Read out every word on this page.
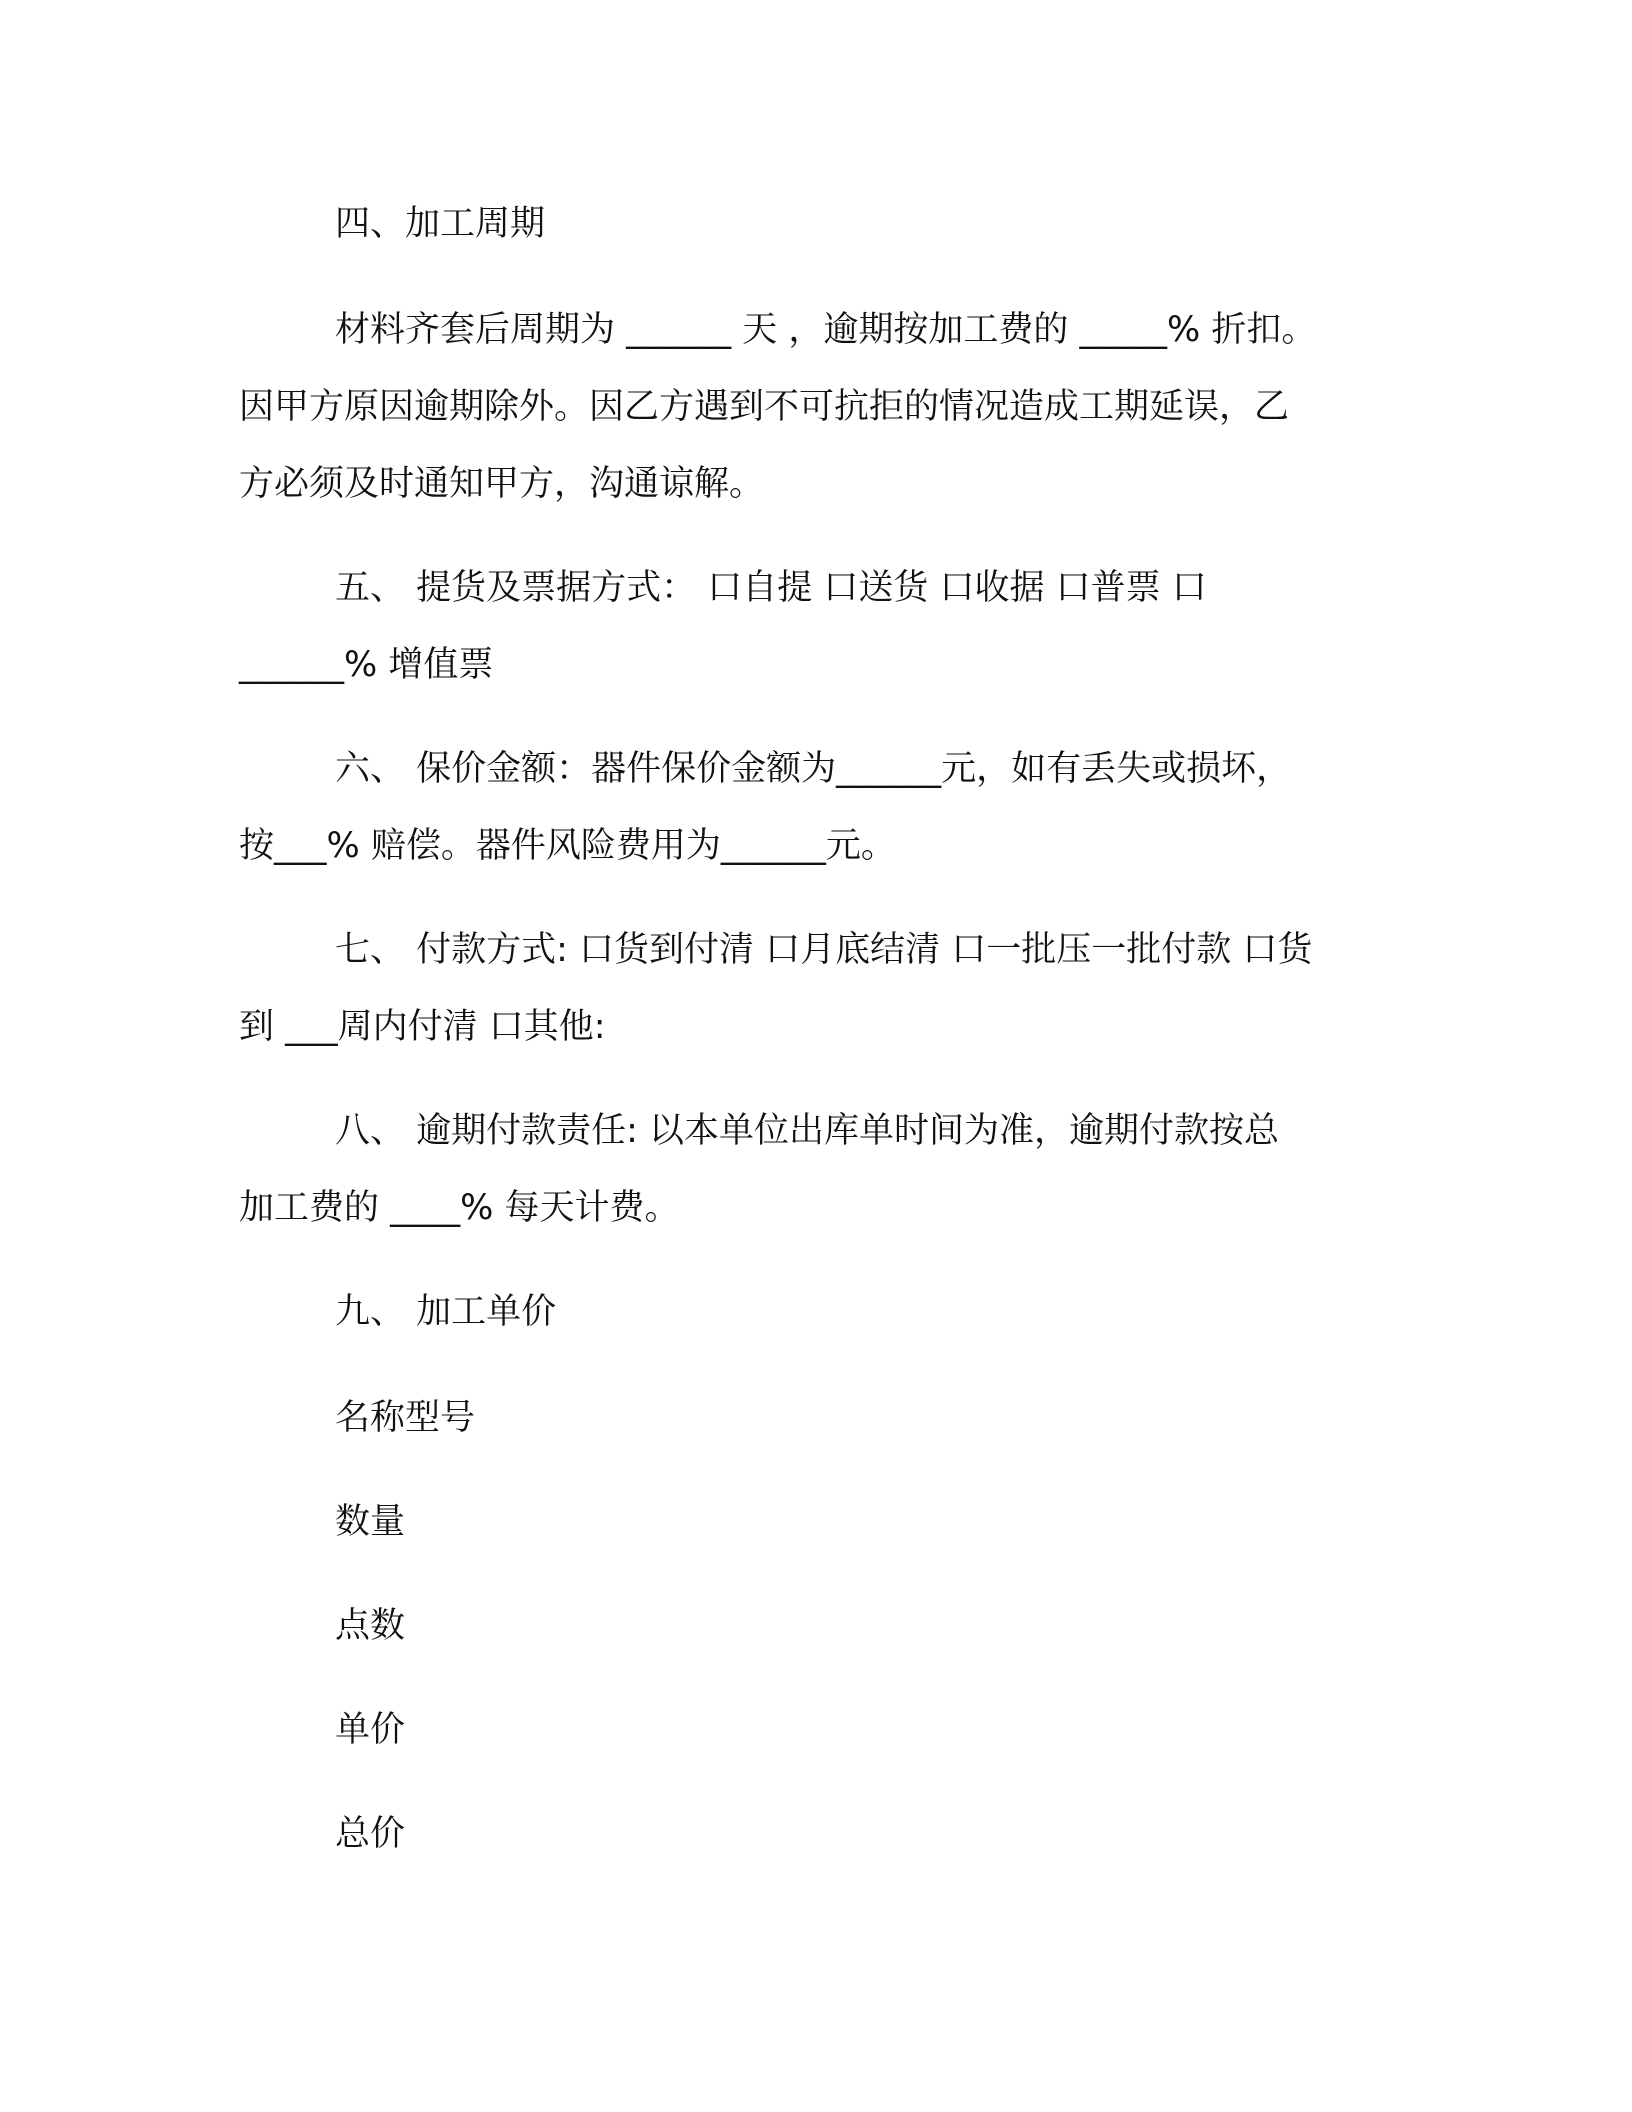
四、加工周期
材料齐套后周期为 ______ 天 ，逾期按加工费的 _____% 折扣。
因甲方原因逾期除外。因乙方遇到不可抗拒的情况造成工期延误，乙
方必须及时通知甲方，沟通谅解。
五、 提货及票据方式： 口自提 口送货 口收据 口普票 口
______% 增值票
六、 保价金额：器件保价金额为______元，如有丢失或损坏，
按___% 赔偿。器件风险费用为______元。
七、 付款方式: 口货到付清 口月底结清 口一批压一批付款 口货
到 ___周内付清 口其他:
八、 逾期付款责任: 以本单位出库单时间为准，逾期付款按总
加工费的 ____% 每天计费。
九、 加工单价
名称型号
数量
点数
单价
总价
